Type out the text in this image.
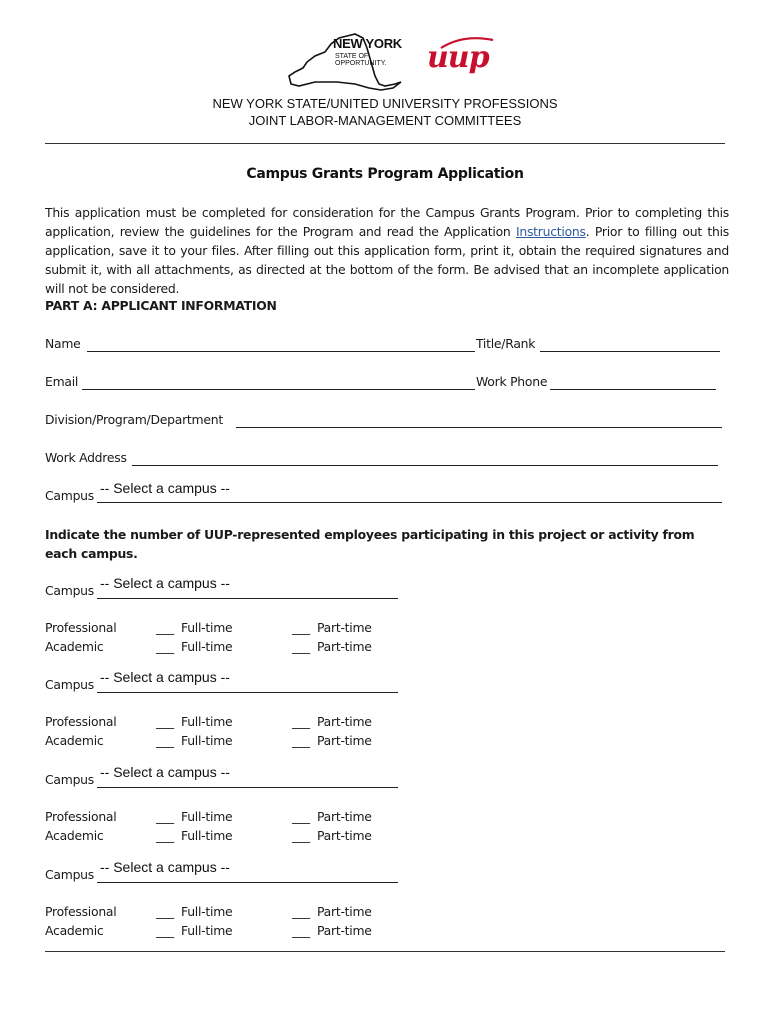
NEW YORK
STATE OF
OPPORTUNITY.	uup
NEW YORK STATE/UNITED UNIVERSITY PROFESSIONS
JOINT LABOR-MANAGEMENT COMMITTEES
Campus Grants Program Application
This application must be completed for consideration for the Campus Grants Program. Prior to completing this application, review the guidelines for the Program and read the Application Instructions. Prior to filling out this application, save it to your files. After filling out this application form, print it, obtain the required signatures and submit it, with all attachments, as directed at the bottom of the form. Be advised that an incomplete application will not be considered.
PART A: APPLICANT INFORMATION
Name	Title/Rank
Email	Work Phone
Division/Program/Department
Work Address
Campus -- Select a campus --
Indicate the number of UUP-represented employees participating in this project or activity from each campus.
Campus -- Select a campus --
Professional	___ Full-time	___ Part-time
Academic	___ Full-time	___ Part-time
Campus -- Select a campus --
Professional	___ Full-time	___ Part-time
Academic	___ Full-time	___ Part-time
Campus -- Select a campus --
Professional	___ Full-time	___ Part-time
Academic	___ Full-time	___ Part-time
Campus -- Select a campus --
Professional	___ Full-time	___ Part-time
Academic	___ Full-time	___ Part-time
